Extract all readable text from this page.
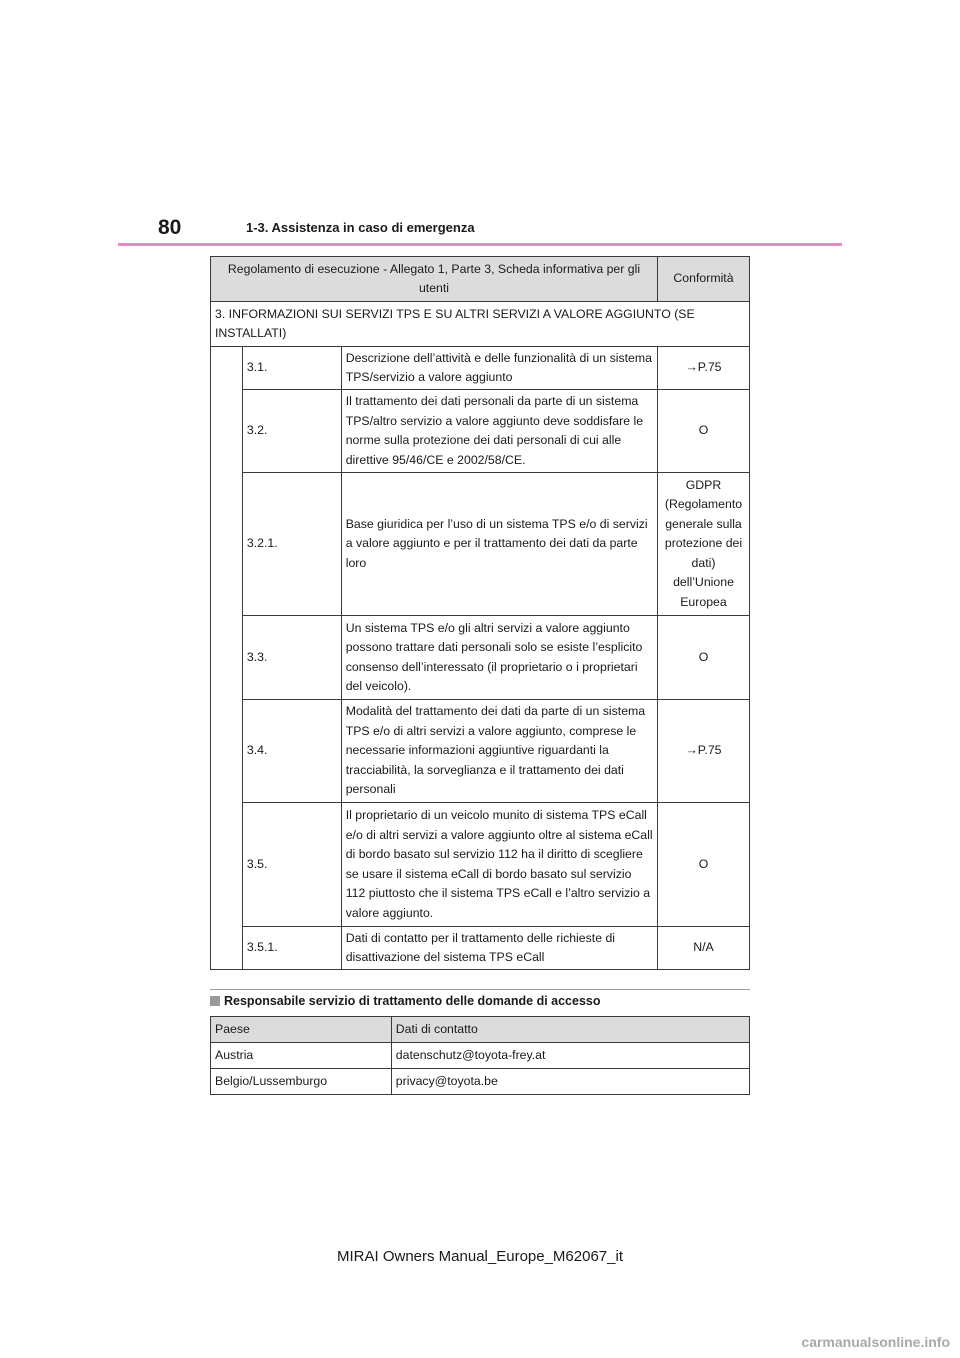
80	1-3. Assistenza in caso di emergenza
Regolamento di esecuzione - Allegato 1, Parte 3, Scheda informativa per gli utenti			Conformità
3. INFORMAZIONI SUI SERVIZI TPS E SU ALTRI SERVIZI A VALORE AGGIUNTO (SE INSTALLATI)			
	3.1.	Descrizione dell’attività e delle funzionalità di un sistema TPS/servizio a valore aggiunto	→P.75
	3.2.	Il trattamento dei dati personali da parte di un sistema TPS/altro servizio a valore aggiunto deve soddisfare le norme sulla protezione dei dati personali di cui alle direttive 95/46/CE e 2002/58/CE.	O
	3.2.1.	Base giuridica per l’uso di un sistema TPS e/o di servizi a valore aggiunto e per il trattamento dei dati da parte loro	GDPR (Regolamento generale sulla protezione dei dati) dell’Unione Europea
	3.3.	Un sistema TPS e/o gli altri servizi a valore aggiunto possono trattare dati personali solo se esiste l’esplicito consenso dell’interessato (il proprietario o i proprietari del veicolo).	O
	3.4.	Modalità del trattamento dei dati da parte di un sistema TPS e/o di altri servizi a valore aggiunto, comprese le necessarie informazioni aggiuntive riguardanti la tracciabilità, la sorveglianza e il trattamento dei dati personali	→P.75
	3.5.	Il proprietario di un veicolo munito di sistema TPS eCall e/o di altri servizi a valore aggiunto oltre al sistema eCall di bordo basato sul servizio 112 ha il diritto di scegliere se usare il sistema eCall di bordo basato sul servizio 112 piuttosto che il sistema TPS eCall e l’altro servizio a valore aggiunto.	O
	3.5.1.	Dati di contatto per il trattamento delle richieste di disattivazione del sistema TPS eCall	N/A
Responsabile servizio di trattamento delle domande di accesso
Paese	Dati di contatto
Austria	datenschutz@toyota-frey.at
Belgio/Lussemburgo	privacy@toyota.be
MIRAI Owners Manual_Europe_M62067_it
carmanualsonline.info
